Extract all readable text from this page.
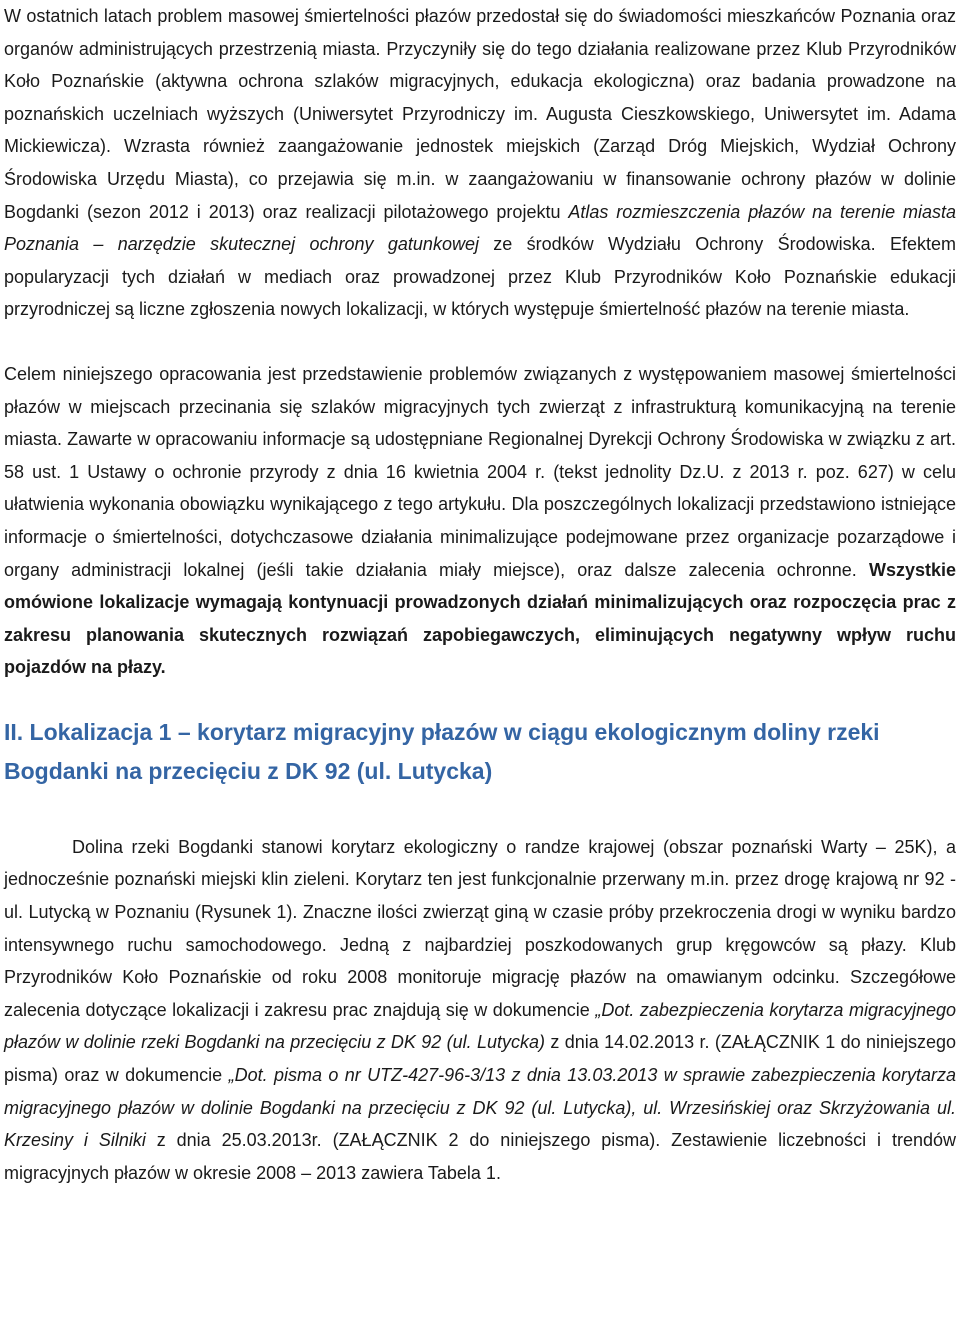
W ostatnich latach problem masowej śmiertelności płazów przedostał się do świadomości mieszkańców Poznania oraz organów administrujących przestrzenią miasta. Przyczyniły się do tego działania realizowane przez Klub Przyrodników Koło Poznańskie (aktywna ochrona szlaków migracyjnych, edukacja ekologiczna) oraz badania prowadzone na poznańskich uczelniach wyższych (Uniwersytet Przyrodniczy im. Augusta Cieszkowskiego, Uniwersytet im. Adama Mickiewicza). Wzrasta również zaangażowanie jednostek miejskich (Zarząd Dróg Miejskich, Wydział Ochrony Środowiska Urzędu Miasta), co przejawia się m.in. w zaangażowaniu w finansowanie ochrony płazów w dolinie Bogdanki (sezon 2012 i 2013) oraz realizacji pilotażowego projektu Atlas rozmieszczenia płazów na terenie miasta Poznania – narzędzie skutecznej ochrony gatunkowej ze środków Wydziału Ochrony Środowiska. Efektem popularyzacji tych działań w mediach oraz prowadzonej przez Klub Przyrodników Koło Poznańskie edukacji przyrodniczej są liczne zgłoszenia nowych lokalizacji, w których występuje śmiertelność płazów na terenie miasta.

Celem niniejszego opracowania jest przedstawienie problemów związanych z występowaniem masowej śmiertelności płazów w miejscach przecinania się szlaków migracyjnych tych zwierząt z infrastrukturą komunikacyjną na terenie miasta. Zawarte w opracowaniu informacje są udostępniane Regionalnej Dyrekcji Ochrony Środowiska w związku z art. 58 ust. 1 Ustawy o ochronie przyrody z dnia 16 kwietnia 2004 r. (tekst jednolity Dz.U. z 2013 r. poz. 627) w celu ułatwienia wykonania obowiązku wynikającego z tego artykułu. Dla poszczególnych lokalizacji przedstawiono istniejące informacje o śmiertelności, dotychczasowe działania minimalizujące podejmowane przez organizacje pozarządowe i organy administracji lokalnej (jeśli takie działania miały miejsce), oraz dalsze zalecenia ochronne. Wszystkie omówione lokalizacje wymagają kontynuacji prowadzonych działań minimalizujących oraz rozpoczęcia prac z zakresu planowania skutecznych rozwiązań zapobiegawczych, eliminujących negatywny wpływ ruchu pojazdów na płazy.

II. Lokalizacja 1 – korytarz migracyjny płazów w ciągu ekologicznym doliny rzeki Bogdanki na przecięciu z DK 92 (ul. Lutycka)

Dolina rzeki Bogdanki stanowi korytarz ekologiczny o randze krajowej (obszar poznański Warty – 25K), a jednocześnie poznański miejski klin zieleni. Korytarz ten jest funkcjonalnie przerwany m.in. przez drogę krajową nr 92 - ul. Lutycką w Poznaniu (Rysunek 1). Znaczne ilości zwierząt giną w czasie próby przekroczenia drogi w wyniku bardzo intensywnego ruchu samochodowego. Jedną z najbardziej poszkodowanych grup kręgowców są płazy. Klub Przyrodników Koło Poznańskie od roku 2008 monitoruje migrację płazów na omawianym odcinku. Szczegółowe zalecenia dotyczące lokalizacji i zakresu prac znajdują się w dokumencie „Dot. zabezpieczenia korytarza migracyjnego płazów w dolinie rzeki Bogdanki na przecięciu z DK 92 (ul. Lutycka) z dnia 14.02.2013 r. (ZAŁĄCZNIK 1 do niniejszego pisma) oraz w dokumencie „Dot. pisma o nr UTZ-427-96-3/13 z dnia 13.03.2013 w sprawie zabezpieczenia korytarza migracyjnego płazów w dolinie Bogdanki na przecięciu z DK 92 (ul. Lutycka), ul. Wrzesińskiej oraz Skrzyżowania ul. Krzesiny i Silniki z dnia 25.03.2013r. (ZAŁĄCZNIK 2 do niniejszego pisma). Zestawienie liczebności i trendów migracyjnych płazów w okresie 2008 – 2013 zawiera Tabela 1.
